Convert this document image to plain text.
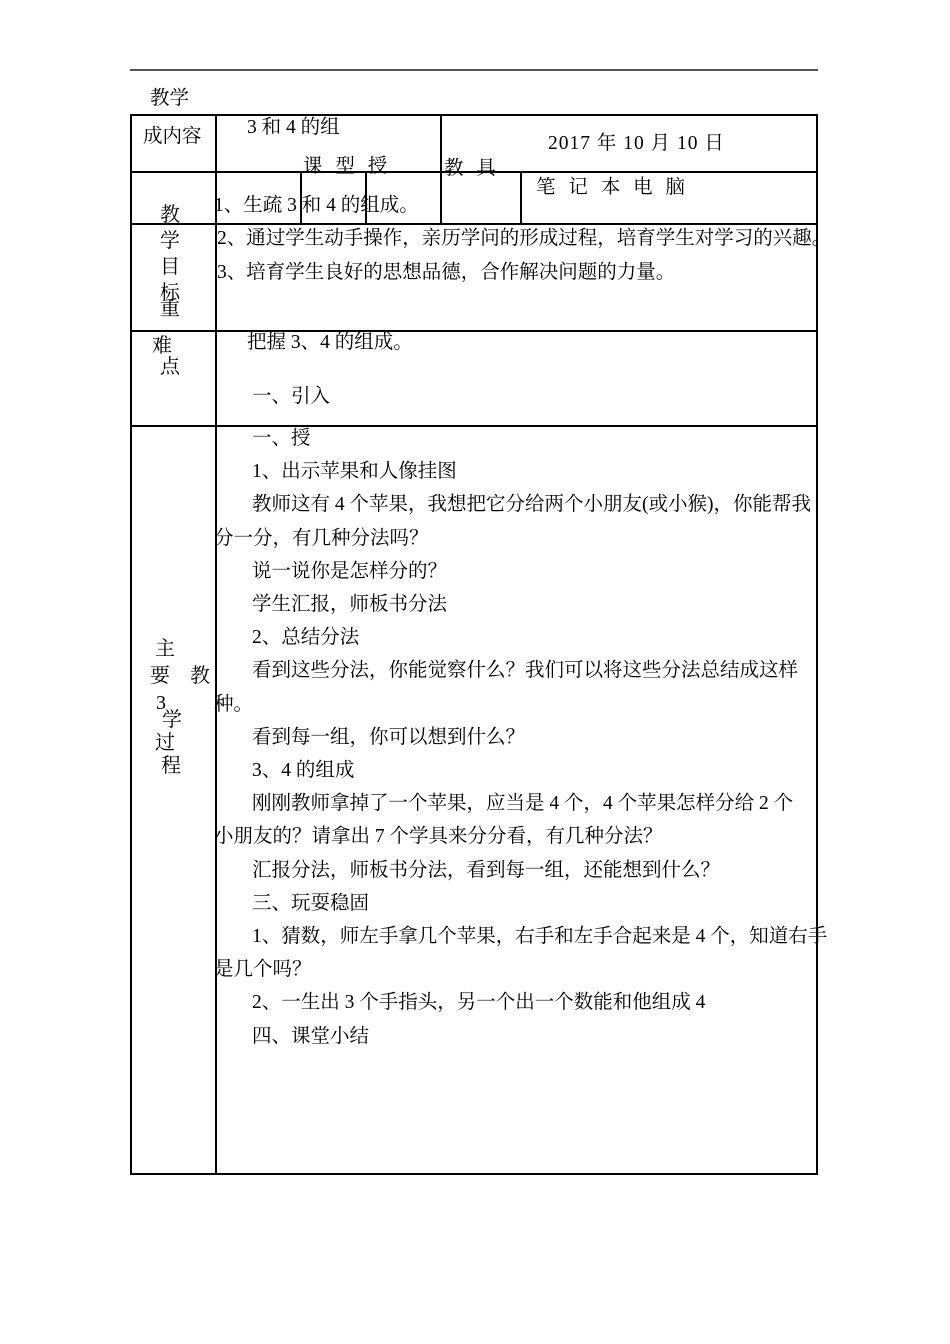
教学
成内容 3 和 4 的组
2017 年 10 月 10 日
课 型 授	教 具
笔 记 本 电 脑
教
学
目
标
1、生疏 3 和 4 的组成。
2、通过学生动手操作，亲历学问的形成过程，培育学生对学习的兴趣。
3、培育学生良好的思想品德，合作解决问题的力量。
重
难
点
把握 3、4 的组成。
一、引入
主
要　教
3
学
过
程
一、授
1、出示苹果和人像挂图
教师这有 4 个苹果，我想把它分给两个小朋友(或小猴)，你能帮我
分一分，有几种分法吗？
说一说你是怎样分的？
学生汇报，师板书分法
2、总结分法
看到这些分法，你能觉察什么？我们可以将这些分法总结成这样
种。
看到每一组，你可以想到什么？
3、4 的组成
刚刚教师拿掉了一个苹果，应当是 4 个，4 个苹果怎样分给 2 个
小朋友的？请拿出 7 个学具来分分看，有几种分法？
汇报分法，师板书分法，看到每一组，还能想到什么？
三、玩耍稳固
1、猜数，师左手拿几个苹果，右手和左手合起来是 4 个，知道右手
是几个吗？
2、一生出 3 个手指头，另一个出一个数能和他组成 4
四、课堂小结
